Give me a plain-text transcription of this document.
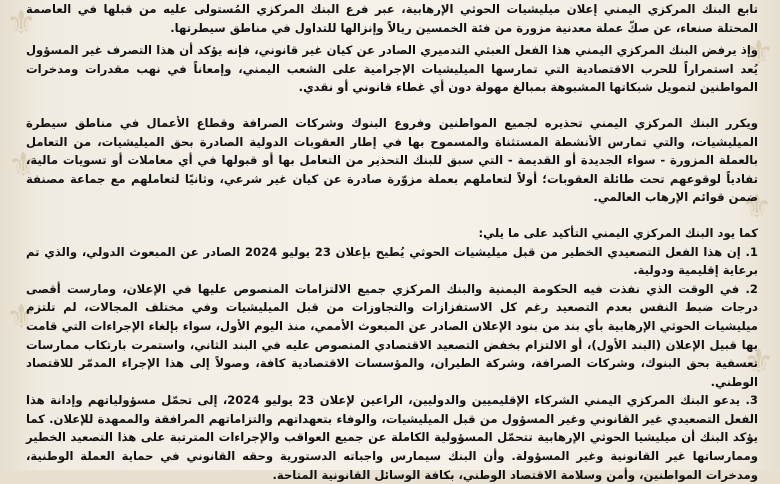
⚜
⚜
⚜
⚜
⚜
⚜

تابع البنك المركزي اليمني إعلان ميليشيات الحوثي الإرهابية، عبر فرع البنك المركزي المُستولى عليه من قبلها في العاصمة المحتلة صنعاء، عن صكّ عملة معدنية مزورة من فئة الخمسين ريالاً وإنزالها للتداول في مناطق سيطرتها.

وإذ يرفض البنك المركزي اليمني هذا الفعل العبثي التدميري الصادر عن كيان غير قانوني، فإنه يؤكد أن هذا التصرف غير المسؤول يُعد استمراراً للحرب الاقتصادية التي تمارسها الميليشيات الإجرامية على الشعب اليمني، وإمعاناً في نهب مقدرات ومدخرات المواطنين لتمويل شبكاتها المشبوهة بمبالغ مهولة دون أي غطاء قانوني أو نقدي.

ويكرر البنك المركزي اليمني تحذيره لجميع المواطنين وفروع البنوك وشركات الصرافة وقطاع الأعمال في مناطق سيطرة الميليشيات، والتي تمارس الأنشطة المستثناة والمسموح بها في إطار العقوبات الدولية الصادرة بحق الميليشيات، من التعامل بالعملة المزورة - سواء الجديدة أو القديمة - التي سبق للبنك التحذير من التعامل بها أو قبولها في أي معاملات أو تسويات مالية، تفادياً لوقوعهم تحت طائلة العقوبات؛ أولاً لتعاملهم بعملة مزوّرة صادرة عن كيان غير شرعي، وثانيًا لتعاملهم مع جماعة مصنفة ضمن قوائم الإرهاب العالمي.

كما يود البنك المركزي اليمني التأكيد على ما يلي:

1. إن هذا الفعل التصعيدي الخطير من قبل ميليشيات الحوثي يُطيح بإعلان 23 يوليو 2024 الصادر عن المبعوث الدولي، والذي تم برعاية إقليمية ودولية.

2. في الوقت الذي نفذت فيه الحكومة اليمنية والبنك المركزي جميع الالتزامات المنصوص عليها في الإعلان، ومارست أقصى درجات ضبط النفس بعدم التصعيد رغم كل الاستفزازات والتجاوزات من قبل الميليشيات وفي مختلف المجالات، لم تلتزم ميليشيات الحوثي الإرهابية بأي بند من بنود الإعلان الصادر عن المبعوث الأممي، منذ اليوم الأول، سواء بإلغاء الإجراءات التي قامت بها قبيل الإعلان (البند الأول)، أو الالتزام بخفض التصعيد الاقتصادي المنصوص عليه في البند الثاني، واستمرت بارتكاب ممارسات تعسفية بحق البنوك، وشركات الصرافة، وشركة الطيران، والمؤسسات الاقتصادية كافة، وصولاً إلى هذا الإجراء المدمّر للاقتصاد الوطني.

3. يدعو البنك المركزي اليمني الشركاء الإقليميين والدوليين، الراعين لإعلان 23 يوليو 2024، إلى تحمّل مسؤولياتهم وإدانة هذا الفعل التصعيدي غير القانوني وغير المسؤول من قبل الميليشيات، والوفاء بتعهداتهم والتزاماتهم المرافقة والممهدة للإعلان. كما يؤكد البنك أن ميليشيا الحوثي الإرهابية تتحمّل المسؤولية الكاملة عن جميع العواقب والإجراءات المترتبة على هذا التصعيد الخطير وممارساتها غير القانونية وغير المسؤولة. وأن البنك سيمارس واجباته الدستورية وحقه القانوني في حماية العملة الوطنية، ومدخرات المواطنين، وأمن وسلامة الاقتصاد الوطني، بكافة الوسائل القانونية المتاحة.
